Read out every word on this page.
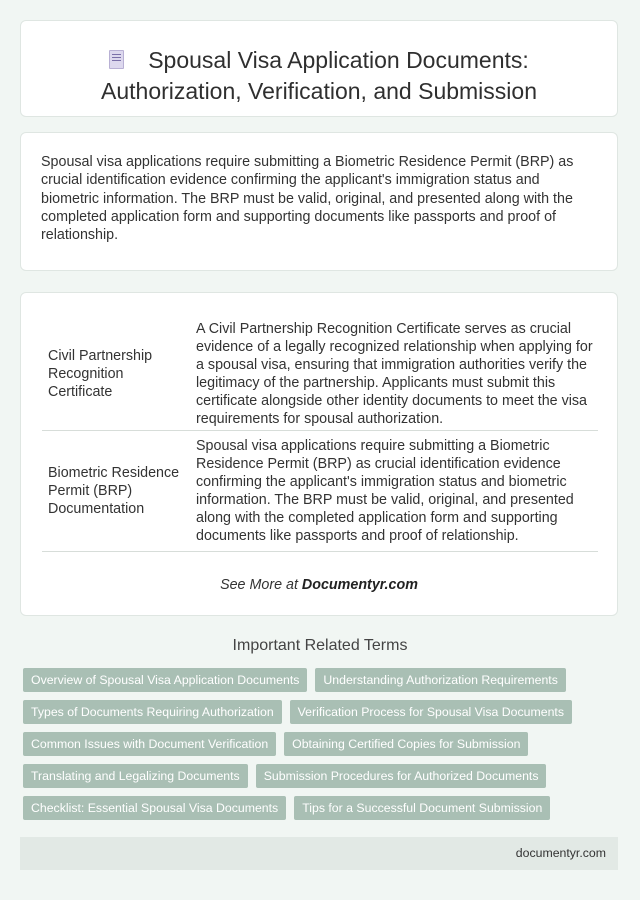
Spousal Visa Application Documents:
Authorization, Verification, and Submission

Spousal visa applications require submitting a Biometric Residence Permit (BRP) as crucial identification evidence confirming the applicant's immigration status and biometric information. The BRP must be valid, original, and presented along with the completed application form and supporting documents like passports and proof of relationship.

Civil Partnership Recognition Certificate	A Civil Partnership Recognition Certificate serves as crucial evidence of a legally recognized relationship when applying for a spousal visa, ensuring that immigration authorities verify the legitimacy of the partnership. Applicants must submit this certificate alongside other identity documents to meet the visa requirements for spousal authorization.
Biometric Residence Permit (BRP) Documentation	Spousal visa applications require submitting a Biometric Residence Permit (BRP) as crucial identification evidence confirming the applicant's immigration status and biometric information. The BRP must be valid, original, and presented along with the completed application form and supporting documents like passports and proof of relationship.
See More at Documentyr.com
Important Related Terms
Overview of Spousal Visa Application Documents	Understanding Authorization Requirements
Types of Documents Requiring Authorization	Verification Process for Spousal Visa Documents
Common Issues with Document Verification	Obtaining Certified Copies for Submission
Translating and Legalizing Documents	Submission Procedures for Authorized Documents
Checklist: Essential Spousal Visa Documents	Tips for a Successful Document Submission
documentyr.com
